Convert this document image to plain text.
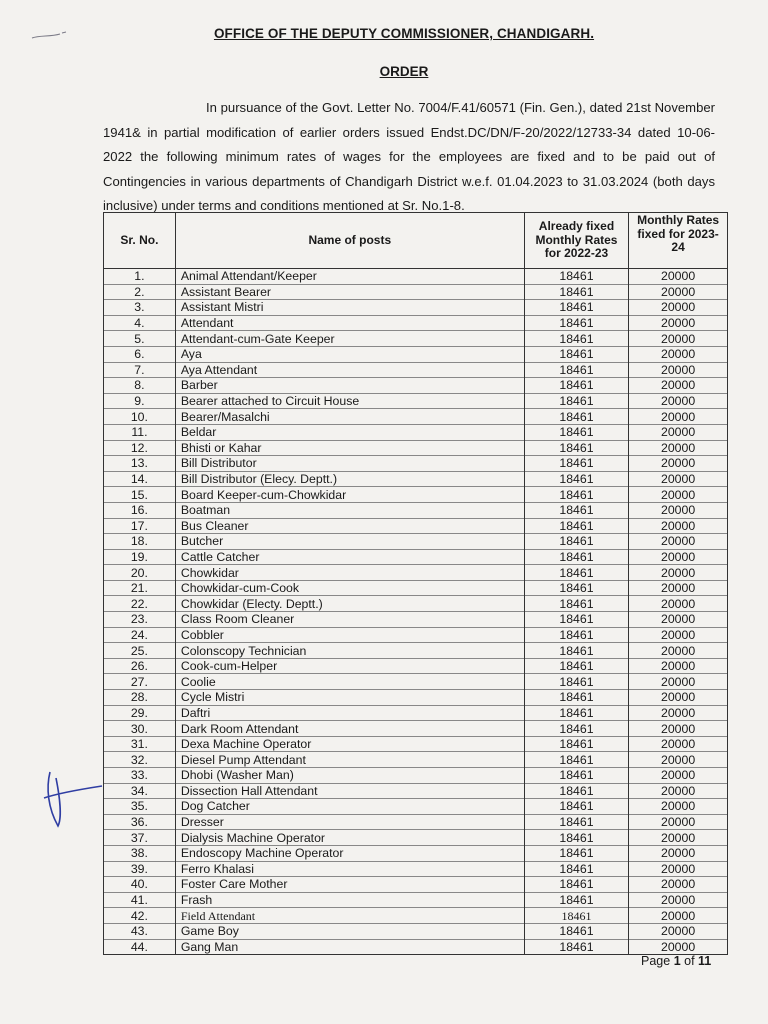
OFFICE OF THE DEPUTY COMMISSIONER, CHANDIGARH.
ORDER

In pursuance of the Govt. Letter No. 7004/F.41/60571 (Fin. Gen.), dated 21st November 1941& in partial modification of earlier orders issued Endst.DC/DN/F-20/2022/12733-34 dated 10-06-2022 the following minimum rates of wages for the employees are fixed and to be paid out of Contingencies in various departments of Chandigarh District w.e.f. 01.04.2023 to 31.03.2024 (both days inclusive) under terms and conditions mentioned at Sr. No.1-8.

Sr. No.	Name of posts	Already fixed Monthly Rates for 2022-23	Monthly Rates fixed for 2023-24
1.	Animal Attendant/Keeper	18461	20000
2.	Assistant Bearer	18461	20000
3.	Assistant Mistri	18461	20000
4.	Attendant	18461	20000
5.	Attendant-cum-Gate Keeper	18461	20000
6.	Aya	18461	20000
7.	Aya Attendant	18461	20000
8.	Barber	18461	20000
9.	Bearer attached to Circuit House	18461	20000
10.	Bearer/Masalchi	18461	20000
11.	Beldar	18461	20000
12.	Bhisti or Kahar	18461	20000
13.	Bill Distributor	18461	20000
14.	Bill Distributor (Elecy. Deptt.)	18461	20000
15.	Board Keeper-cum-Chowkidar	18461	20000
16.	Boatman	18461	20000
17.	Bus Cleaner	18461	20000
18.	Butcher	18461	20000
19.	Cattle Catcher	18461	20000
20.	Chowkidar	18461	20000
21.	Chowkidar-cum-Cook	18461	20000
22.	Chowkidar (Electy. Deptt.)	18461	20000
23.	Class Room Cleaner	18461	20000
24.	Cobbler	18461	20000
25.	Colonscopy Technician	18461	20000
26.	Cook-cum-Helper	18461	20000
27.	Coolie	18461	20000
28.	Cycle Mistri	18461	20000
29.	Daftri	18461	20000
30.	Dark Room Attendant	18461	20000
31.	Dexa Machine Operator	18461	20000
32.	Diesel Pump Attendant	18461	20000
33.	Dhobi (Washer Man)	18461	20000
34.	Dissection Hall Attendant	18461	20000
35.	Dog Catcher	18461	20000
36.	Dresser	18461	20000
37.	Dialysis Machine Operator	18461	20000
38.	Endoscopy Machine Operator	18461	20000
39.	Ferro Khalasi	18461	20000
40.	Foster Care Mother	18461	20000
41.	Frash	18461	20000
42.	Field Attendant	18461	20000
43.	Game Boy	18461	20000
44.	Gang Man	18461	20000
Page 1 of 11
